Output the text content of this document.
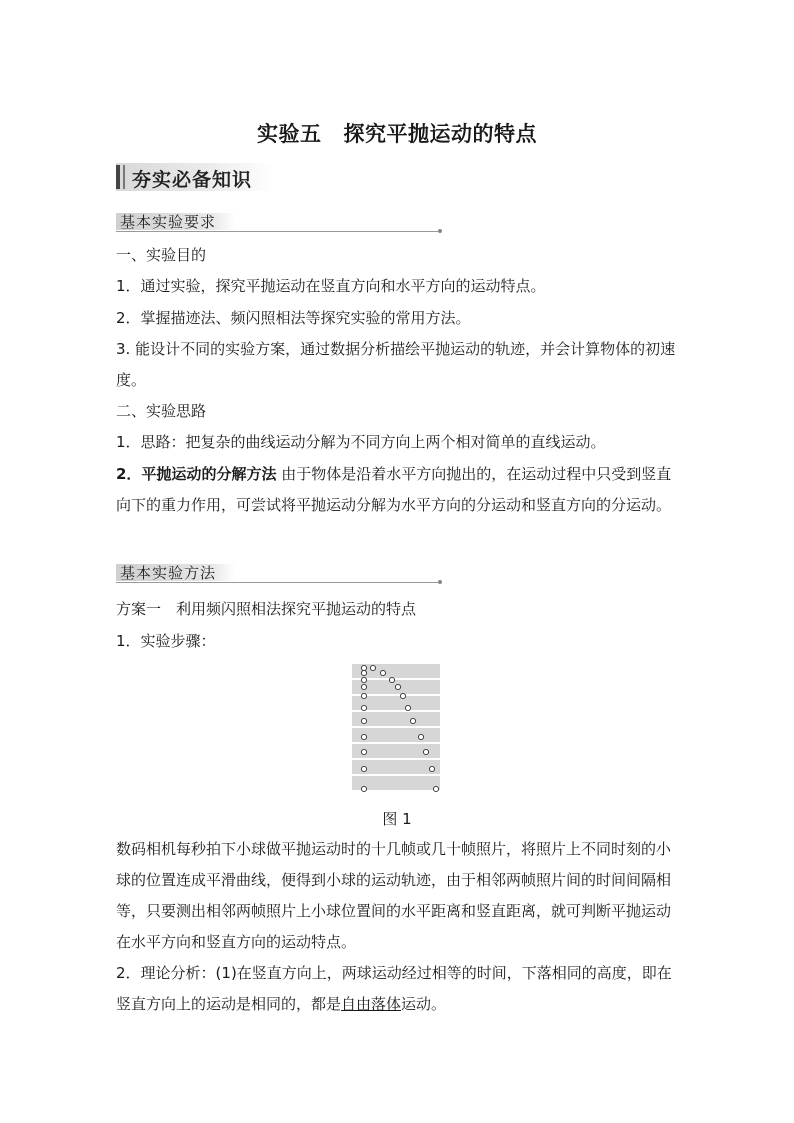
实验五 探究平抛运动的特点
夯实必备知识
基本实验要求

一、实验目的

1．通过实验，探究平抛运动在竖直方向和水平方向的运动特点。

2．掌握描迹法、频闪照相法等探究实验的常用方法。

3. 能设计不同的实验方案，通过数据分析描绘平抛运动的轨迹，并会计算物体的初速度。

二、实验思路

1．思路：把复杂的曲线运动分解为不同方向上两个相对简单的直线运动。

2．平抛运动的分解方法 由于物体是沿着水平方向抛出的，在运动过程中只受到竖直向下的重力作用，可尝试将平抛运动分解为水平方向的分运动和竖直方向的分运动。

基本实验方法

方案一　利用频闪照相法探究平抛运动的特点

1．实验步骤：

图 1

数码相机每秒拍下小球做平抛运动时的十几帧或几十帧照片，将照片上不同时刻的小球的位置连成平滑曲线，便得到小球的运动轨迹，由于相邻两帧照片间的时间间隔相等，只要测出相邻两帧照片上小球位置间的水平距离和竖直距离，就可判断平抛运动在水平方向和竖直方向的运动特点。

2．理论分析：(1)在竖直方向上，两球运动经过相等的时间，下落相同的高度，即在竖直方向上的运动是相同的，都是自由落体运动。
